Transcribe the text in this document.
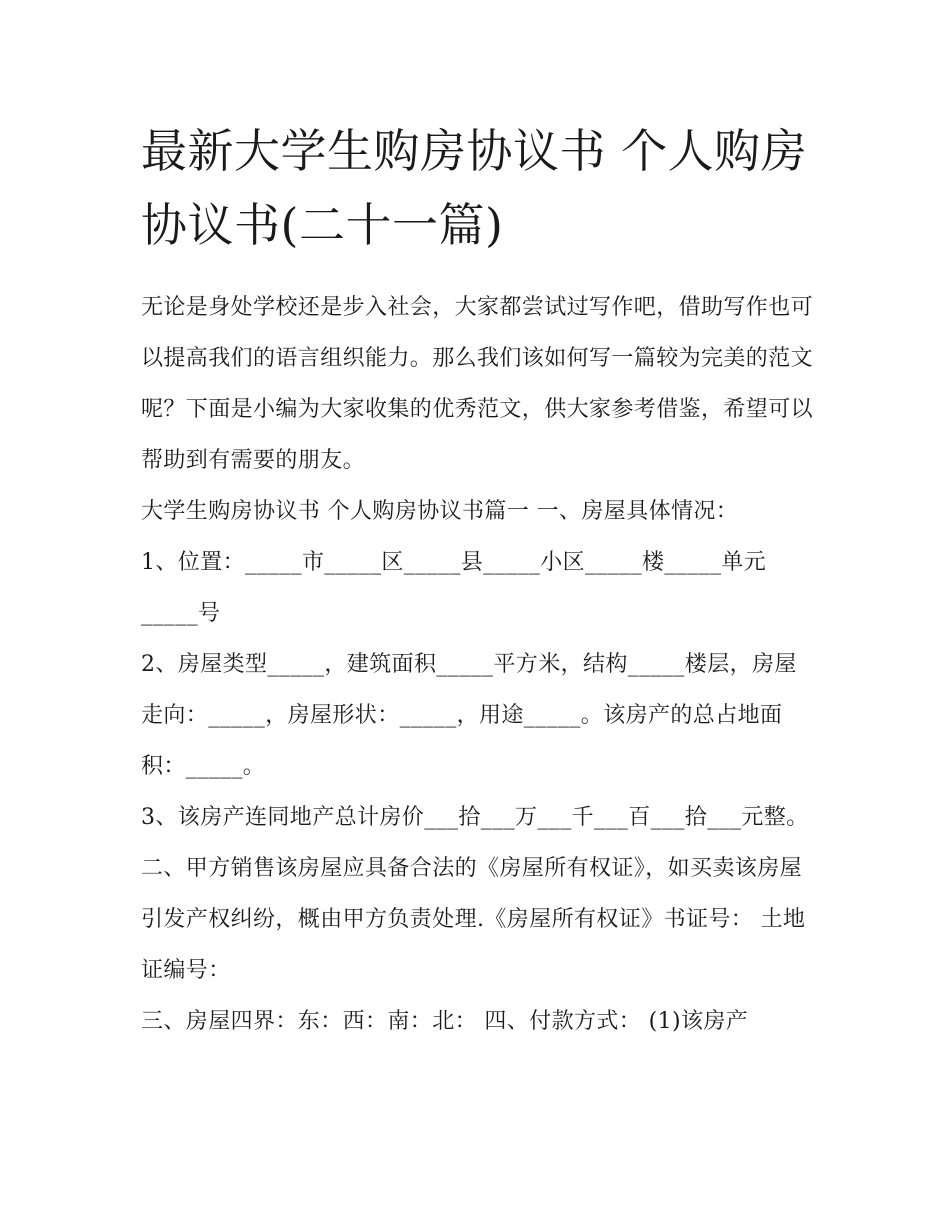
最新大学生购房协议书 个人购房协议书(二十一篇)

无论是身处学校还是步入社会，大家都尝试过写作吧，借助写作也可以提高我们的语言组织能力。那么我们该如何写一篇较为完美的范文呢？下面是小编为大家收集的优秀范文，供大家参考借鉴，希望可以帮助到有需要的朋友。

大学生购房协议书 个人购房协议书篇一 一、房屋具体情况：

1、位置：_____市_____区_____县_____小区_____楼_____单元_____号

2、房屋类型_____，建筑面积_____平方米，结构_____楼层，房屋走向：_____，房屋形状：_____，用途_____。该房产的总占地面积：_____。

3、该房产连同地产总计房价___拾___万___千___百___拾___元整。

二、甲方销售该房屋应具备合法的《房屋所有权证》，如买卖该房屋引发产权纠纷，概由甲方负责处理.《房屋所有权证》书证号： 土地证编号：

三、房屋四界：东：西：南：北： 四、付款方式： (1)该房产
